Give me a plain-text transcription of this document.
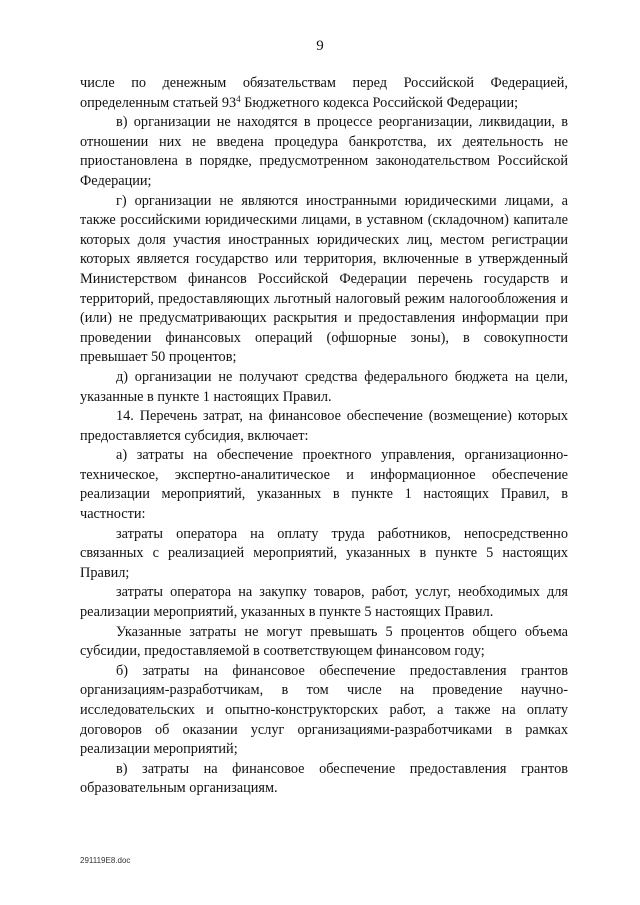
9

числе по денежным обязательствам перед Российской Федерацией, определенным статьей $93^4$ Бюджетного кодекса Российской Федерации;

в) организации не находятся в процессе реорганизации, ликвидации, в отношении них не введена процедура банкротства, их деятельность не приостановлена в порядке, предусмотренном законодательством Российской Федерации;

г) организации не являются иностранными юридическими лицами, а также российскими юридическими лицами, в уставном (складочном) капитале которых доля участия иностранных юридических лиц, местом регистрации которых является государство или территория, включенные в утвержденный Министерством финансов Российской Федерации перечень государств и территорий, предоставляющих льготный налоговый режим налогообложения и (или) не предусматривающих раскрытия и предоставления информации при проведении финансовых операций (офшорные зоны), в совокупности превышает 50 процентов;

д) организации не получают средства федерального бюджета на цели, указанные в пункте 1 настоящих Правил.

14. Перечень затрат, на финансовое обеспечение (возмещение) которых предоставляется субсидия, включает:

а) затраты на обеспечение проектного управления, организационно-техническое, экспертно-аналитическое и информационное обеспечение реализации мероприятий, указанных в пункте 1 настоящих Правил, в частности:

затраты оператора на оплату труда работников, непосредственно связанных с реализацией мероприятий, указанных в пункте 5 настоящих Правил;

затраты оператора на закупку товаров, работ, услуг, необходимых для реализации мероприятий, указанных в пункте 5 настоящих Правил.

Указанные затраты не могут превышать 5 процентов общего объема субсидии, предоставляемой в соответствующем финансовом году;

б) затраты на финансовое обеспечение предоставления грантов организациям-разработчикам, в том числе на проведение научно-исследовательских и опытно-конструкторских работ, а также на оплату договоров об оказании услуг организациями-разработчиками в рамках реализации мероприятий;

в) затраты на финансовое обеспечение предоставления грантов образовательным организациям.

291119E8.doc
